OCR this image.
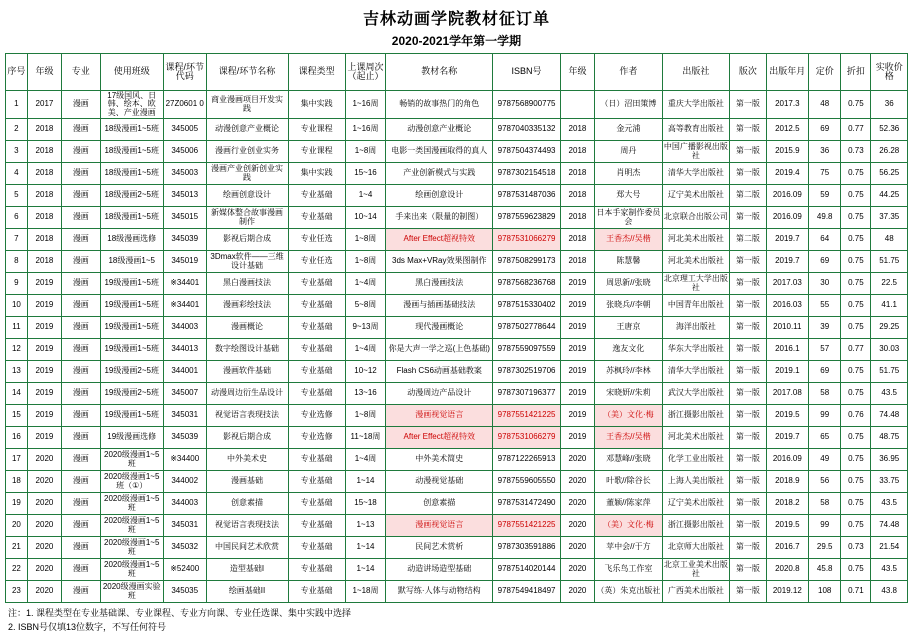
吉林动画学院教材征订单
2020-2021学年第一学期
序号	年级	专业	使用班级	课程/环节代码	课程/环节名称	课程类型	上课周次（起止）	教材名称	ISBN号	年级	作者	出版社	版次	出版年月	定价	折扣	实收价格
1	2017	漫画	17级国风、日韩、绘本、欧美、产业漫画	27Z0601 0	商业漫画项目开发实践	集中实践	1~16周	畅销的故事热门的角色	9787568900775		（日）沼田策博	重庆大学出版社	第一版	2017.3	48	0.75	36
2	2018	漫画	18级漫画1~5班	345005	动漫创意产业概论	专业课程	1~16周	动漫创意产业概论	9787040335132	2018	金元浦	高等教育出版社	第一版	2012.5	69	0.77	52.36
3	2018	漫画	18级漫画1~5班	345006	漫画行业创业实务	专业课程	1~8周	电影一类国漫画取得的真人	9787504374493	2018	周丹	中国广播影视出版社	第一版	2015.9	36	0.73	26.28
4	2018	漫画	18级漫画1~5班	345003	漫画产业创新创业实践	集中实践	15~16	产业创新模式与实践	9787302154518	2018	肖明杰	清华大学出版社	第一版	2019.4	75	0.75	56.25
5	2018	漫画	18级漫画2~5班	345013	绘画创意设计	专业基础	1~4	绘画创意设计	9787531487036	2018	郑大号	辽宁美术出版社	第二版	2016.09	59	0.75	44.25
6	2018	漫画	18级漫画1~5班	345015	新媒体整合故事漫画制作	专业基础	10~14	手来出来（限量的制图）	9787559623829	2018	日本手家制作委员会	北京联合出版公司	第一版	2016.09	49.8	0.75	37.35
7	2018	漫画	18级漫画选修	345039	影视后期合成	专业任选	1~8周	After Effect超视特效	9787531066279	2018	王香杰//吴楷	河北美术出版社	第二版	2019.7	64	0.75	48
8	2018	漫画	18级漫画1~5	345019	3Dmax软件——三维设计基础	专业任选	1~8周	3ds Max+VRay效果图制作	9787508299173	2018	陈慧馨	河北美术出版社	第一版	2019.7	69	0.75	51.75
9	2019	漫画	19级漫画1~5班	※34401	黑白漫画技法	专业基础	1~4周	黑白漫画技法	9787568236768	2019	周思新//张晓	北京理工大学出版社	第一版	2017.03	30	0.75	22.5
10	2019	漫画	19级漫画1~5班	※34401	漫画彩绘技法	专业基础	5~8周	漫画与插画基础技法	9787515330402	2019	张晓兵//李朝	中国青年出版社	第一版	2016.03	55	0.75	41.1
11	2019	漫画	19级漫画1~5班	344003	漫画概论	专业基础	9~13周	现代漫画概论	9787502778644	2019	王唐京	海洋出版社	第一版	2010.11	39	0.75	29.25
12	2019	漫画	19级漫画1~5班	344013	数字绘图设计基础	专业基础	1~4周	你是大声一学之巡(上色基础)	9787559097559	2019	逸友文化	华东大学出版社	第一版	2016.1	57	0.77	30.03
13	2019	漫画	19级漫画2~5班	344001	漫画软件基础	专业基础	10~12	Flash CS6动画基础教案	9787302519706	2019	苏枫玲//李林	清华大学出版社	第一版	2019.1	69	0.75	51.75
14	2019	漫画	19级漫画2~5班	345007	动漫周边衍生品设计	专业基础	13~16	动漫周边产品设计	9787307196377	2019	宋晓妍//朱莉	武汉大学出版社	第一版	2017.08	58	0.75	43.5
15	2019	漫画	19级漫画1~5班	345031	视觉语言表现技法	专业选修	1~8周	漫画视觉语言	9787551421225	2019	（美）文化·梅	浙江摄影出版社	第一版	2019.5	99	0.76	74.48
16	2019	漫画	19级漫画选修	345039	影视后期合成	专业选修	11~18周	After Effect超视特效	9787531066279	2019	王香杰//吴楷	河北美术出版社	第一版	2019.7	65	0.75	48.75
17	2020	漫画	2020级漫画1~5班	※34400	中外美术史	专业基础	1~4周	中外美术简史	9787122265913	2020	邓慧峰//张晓	化学工业出版社	第一版	2016.09	49	0.75	36.95
18	2020	漫画	2020级漫画1~5班（①）	344002	漫画基础	专业基础	1~14	动漫视觉基础	9787559605550	2020	叶歌//除谷长	上海人美出版社	第一版	2018.9	56	0.75	33.75
19	2020	漫画	2020级漫画1~5班	344003	创意素描	专业基础	15~18	创意素描	9787531472490	2020	董颖//陈家萍	辽宁美术出版社	第一版	2018.2	58	0.75	43.5
20	2020	漫画	2020级漫画1~5班	345031	视觉语言表现技法	专业基础	1~13	漫画视觉语言	9787551421225	2020	（美）文化·梅	浙江摄影出版社	第一版	2019.5	99	0.75	74.48
21	2020	漫画	2020级漫画1~5班	345032	中国民间艺术欣赏	专业基础	1~14	民间艺术赏析	9787303591886	2020	苹中会//于方	北京师大出版社	第一版	2016.7	29.5	0.73	21.54
22	2020	漫画	2020级漫画1~5班	※52400	造型基础I	专业基础	1~14	动造讲场造型基础	9787514020144	2020	飞乐鸟工作室	北京工业美术出版社	第一版	2020.8	45.8	0.75	43.5
23	2020	漫画	2020级漫画实验班	345035	绘画基础II	专业基础	1~18周	默写练·人体与动物结构	9787549418497	2020	（英）朱克出版社	广西美术出版社	第一版	2019.12	108	0.71	43.8
注：1. 课程类型在专业基础课、专业课程、专业方向课、专业任选课、集中实践中选择
2. ISBN号仅填13位数字，不写任何符号
